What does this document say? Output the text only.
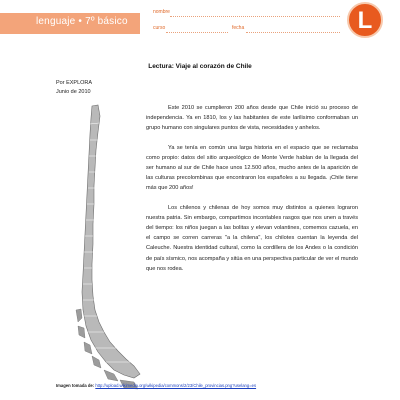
lenguaje • 7º básico
nombre
curso	fecha	L
Lectura: Viaje al corazón de Chile
Por EXPLORA
Junio de 2010

Este 2010 se cumplieron 200 años desde que Chile inició su proceso de independencia. Ya en 1810, los y las habitantes de este larilisimo conformaban un grupo humano con singulares puntos de vista, necesidades y anhelos.

Ya se tenía en común una larga historia en el espacio que se reclamaba como propio: datos del sitio arqueológico de Monte Verde hablan de la llegada del ser humano al sur de Chile hace unos 12.500 años, mucho antes de la aparición de las culturas precolombinas que encontraron los españoles a su llegada. ¡Chile tiene más que 200 años!

Los chilenos y chilenas de hoy somos muy distintos a quienes lograron nuestra patria. Sin embargo, compartimos incontables rasgos que nos unen a través del tiempo: los niños juegan a las bolitas y elevan volantines, comemos cazuela, en el campo se corren carreras "a la chilena", los chilotes cuentan la leyenda del Caleuche. Nuestra identidad cultural, como la cordillera de los Andes o la condición de país sísmico, nos acompaña y sitúa en una perspectiva particular de ver el mundo que nos rodea.

Imagen tomada de: http://upload.wikimedia.org/wikipedia/commons/2/23/Chile_provincias.png?uselang=es
